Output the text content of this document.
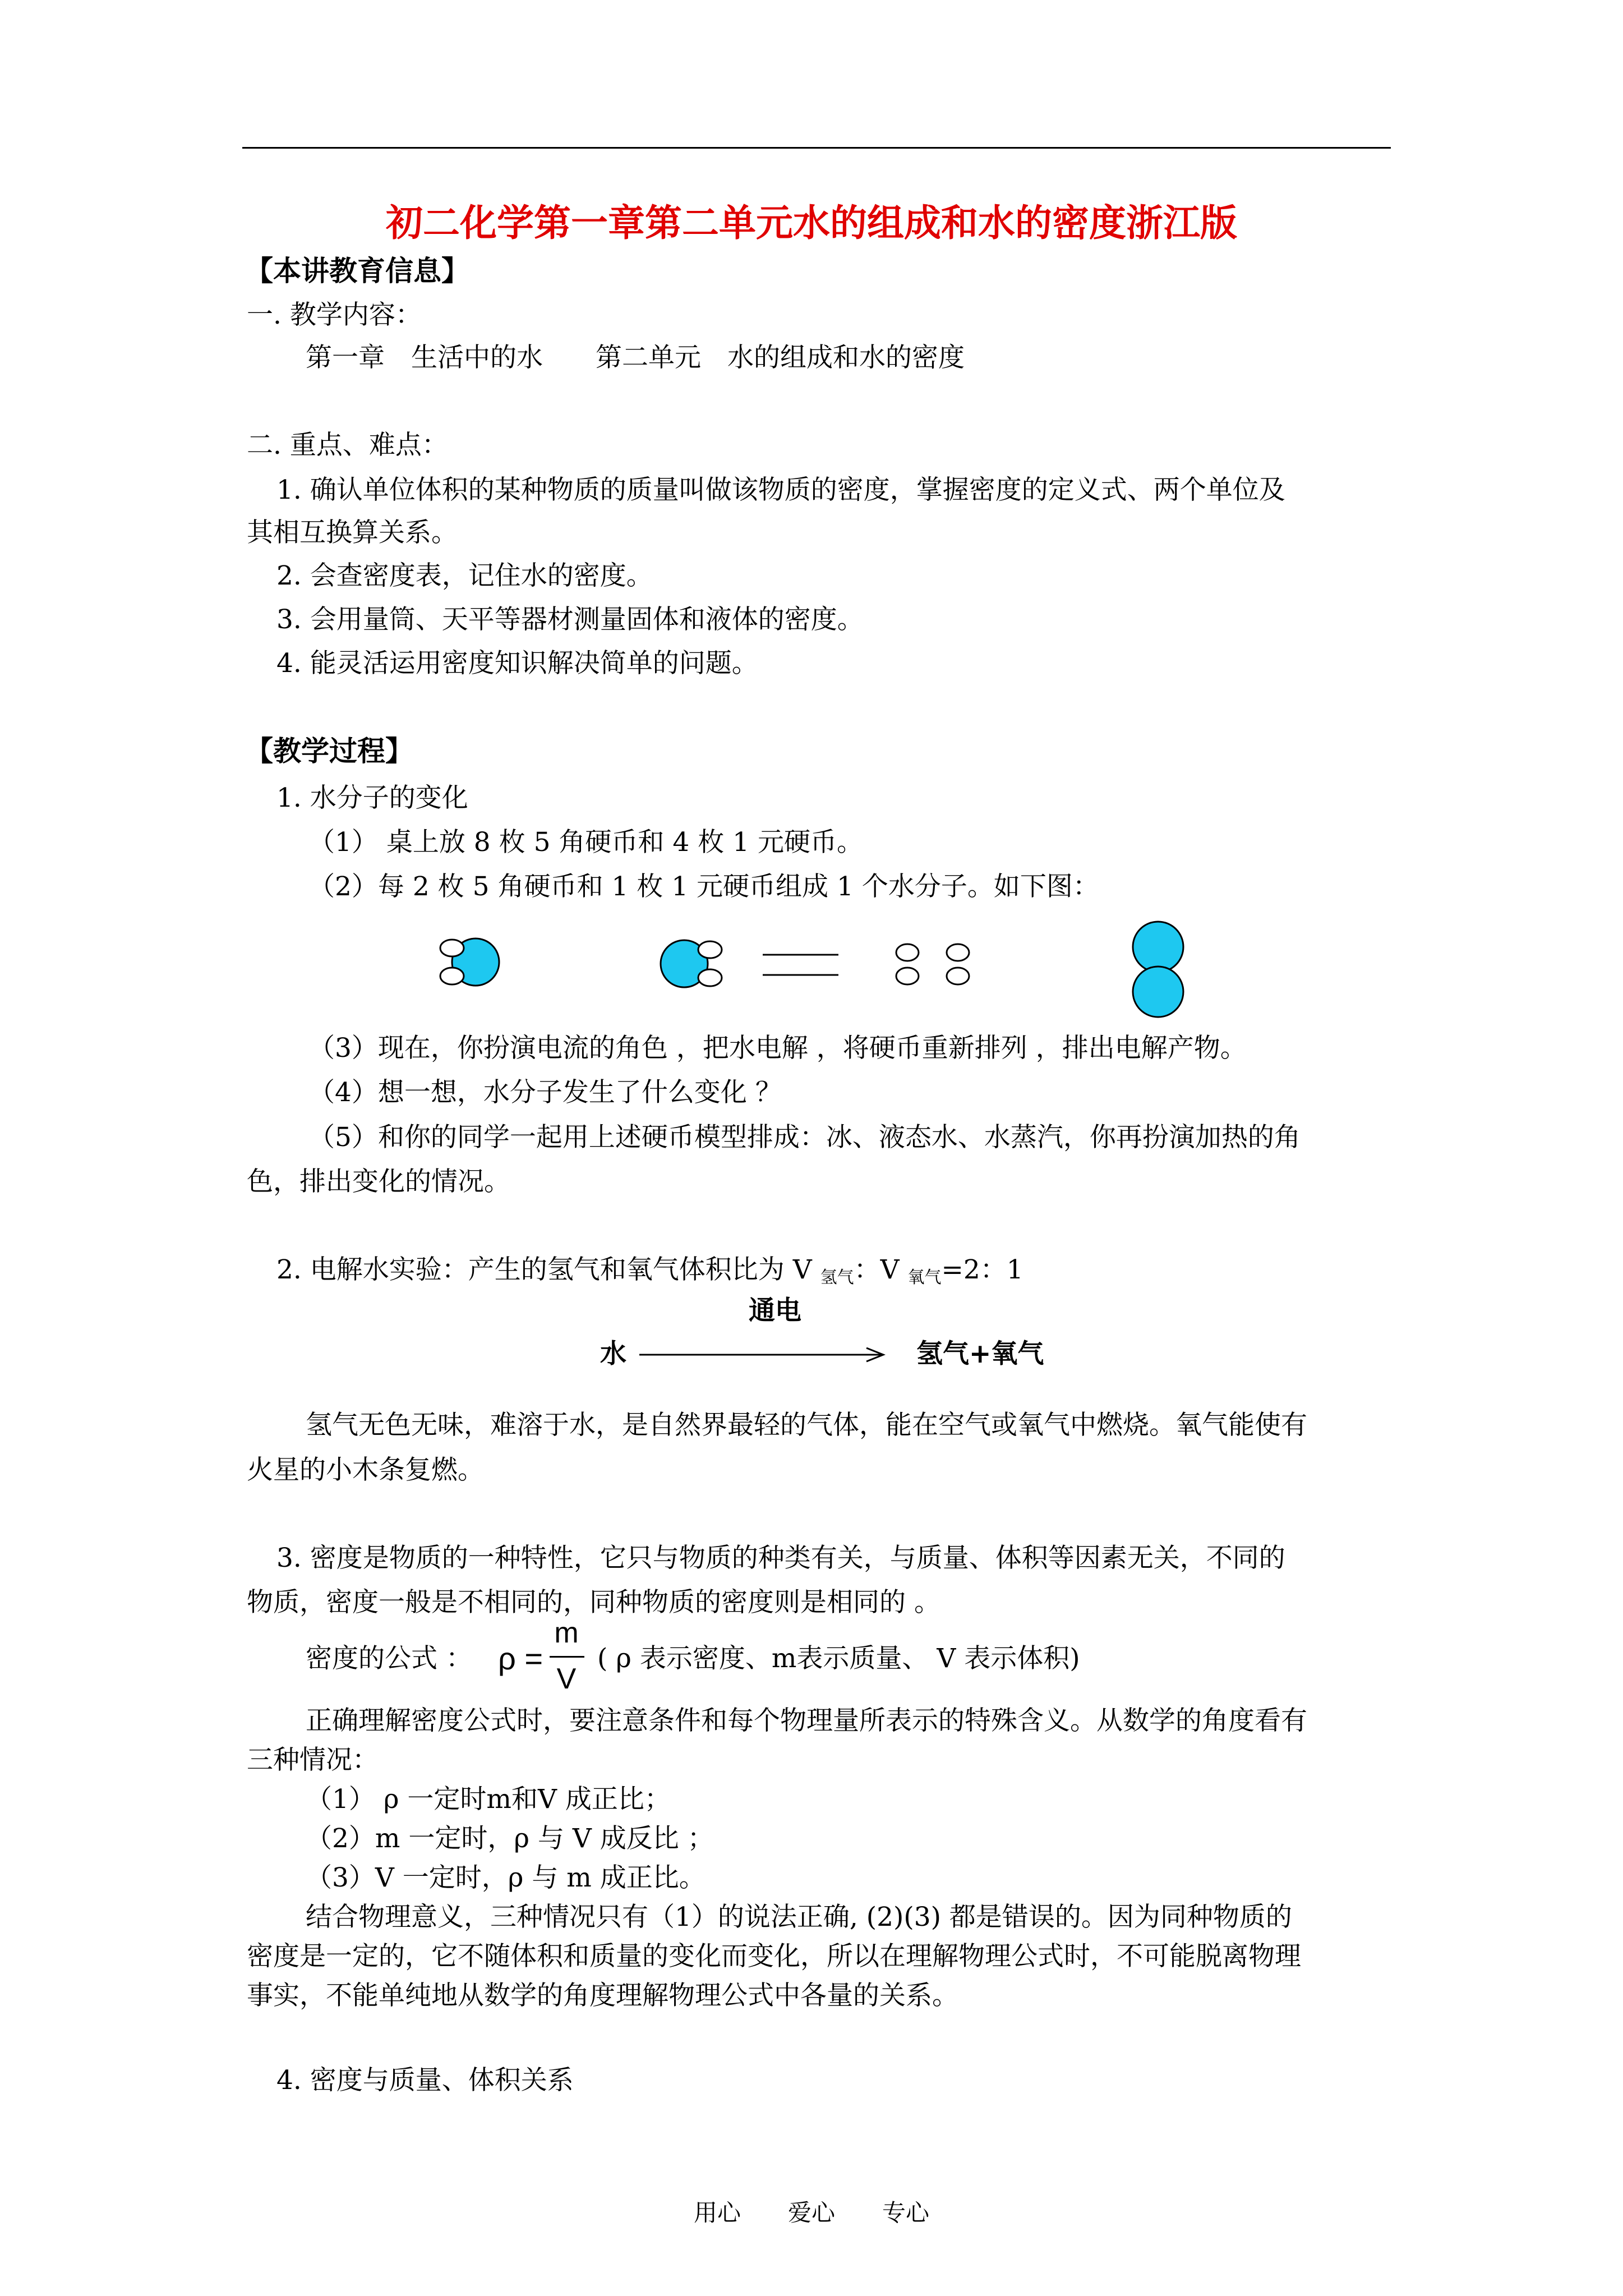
初二化学第一章第二单元水的组成和水的密度浙江版
【本讲教育信息】
一. 教学内容：
第一章　生活中的水　　第二单元　水的组成和水的密度
二. 重点、难点：
1. 确认单位体积的某种物质的质量叫做该物质的密度，掌握密度的定义式、两个单位及
其相互换算关系。
2. 会查密度表，记住水的密度。
3. 会用量筒、天平等器材测量固体和液体的密度。
4. 能灵活运用密度知识解决简单的问题。
【教学过程】
1. 水分子的变化
（1） 桌上放 8 枚 5 角硬币和 4 枚 1 元硬币。
（2）每 2 枚 5 角硬币和 1 枚 1 元硬币组成 1 个水分子。如下图：
（3）现在，你扮演电流的角色 ，把水电解 ，将硬币重新排列 ，排出电解产物。
（4）想一想，水分子发生了什么变化 ？
（5）和你的同学一起用上述硬币模型排成：冰、液态水、水蒸汽，你再扮演加热的角
色，排出变化的情况。
2. 电解水实验：产生的氢气和氧气体积比为 V $_{氢气}$：V $_{氧气}$=2：1
通电
水	氢气+氧气
氢气无色无味，难溶于水，是自然界最轻的气体，能在空气或氧气中燃烧。氧气能使有
火星的小木条复燃。
3. 密度是物质的一种特性，它只与物质的种类有关，与质量、体积等因素无关，不同的
物质，密度一般是不相同的，同种物质的密度则是相同的 。
密度的公式 ： ρ =
m
V
( ρ 表示密度、m表示质量、 V 表示体积)
正确理解密度公式时，要注意条件和每个物理量所表示的特殊含义。从数学的角度看有
三种情况：
（1） ρ 一定时m和V 成正比；
（2）m 一定时，ρ 与 V 成反比 ；
（3）V 一定时，ρ 与 m 成正比。
结合物理意义，三种情况只有（1）的说法正确, (2)(3) 都是错误的。因为同种物质的
密度是一定的，它不随体积和质量的变化而变化，所以在理解物理公式时，不可能脱离物理
事实，不能单纯地从数学的角度理解物理公式中各量的关系。
4. 密度与质量、体积关系
用心　　爱心　　专心
